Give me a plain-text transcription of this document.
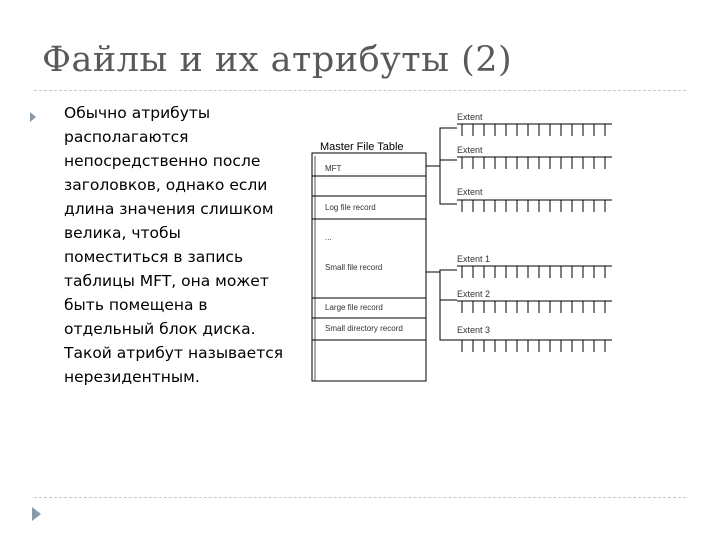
Файлы и их атрибуты (2)
Обычно атрибуты располагаются непосредственно после заголовков, однако если длина значения слишком велика, чтобы поместиться в запись таблицы MFT, она может быть помещена в отдельный блок диска. Такой атрибут называется нерезидентным.
Master File Table
MFT
Log file record
...
Small file record
Large file record
Small directory record
Extent
Extent
Extent
Extent 1
Extent 2
Extent 3
